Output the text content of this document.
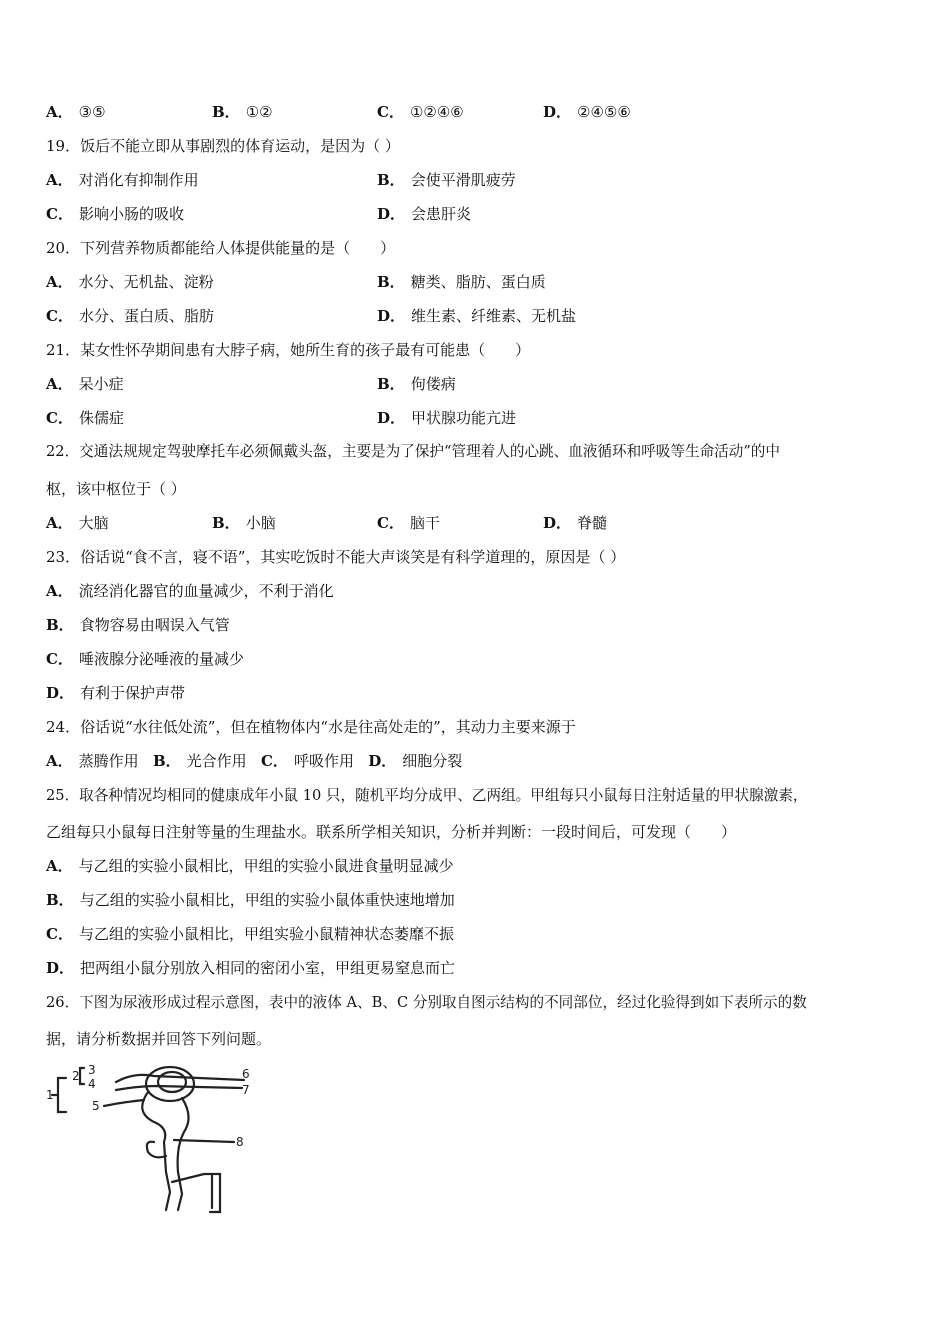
A． ③⑤	B． ①②	C． ①②④⑥	D． ②④⑤⑥
19．饭后不能立即从事剧烈的体育运动，是因为（ ）
A． 对消化有抑制作用	B． 会使平滑肌疲劳
C． 影响小肠的吸收	D． 会患肝炎
20．下列营养物质都能给人体提供能量的是（　　）
A． 水分、无机盐、淀粉	B． 糖类、脂肪、蛋白质
C． 水分、蛋白质、脂肪	D． 维生素、纤维素、无机盐
21．某女性怀孕期间患有大脖子病，她所生育的孩子最有可能患（　　）
A． 呆小症	B． 佝偻病
C． 侏儒症	D． 甲状腺功能亢进
22．交通法规规定驾驶摩托车必须佩戴头盔，主要是为了保护“管理着人的心跳、血液循环和呼吸等生命活动”的中
枢，该中枢位于（ ）
A． 大脑	B． 小脑	C． 脑干	D． 脊髓
23．俗话说“食不言，寝不语”，其实吃饭时不能大声谈笑是有科学道理的，原因是（ ）
A． 流经消化器官的血量减少，不利于消化
B． 食物容易由咽误入气管
C． 唾液腺分泌唾液的量减少
D． 有利于保护声带
24．俗话说“水往低处流”，但在植物体内“水是往高处走的”，其动力主要来源于
A． 蒸腾作用 B． 光合作用 C． 呼吸作用 D． 细胞分裂
25．取各种情况均相同的健康成年小鼠 10 只，随机平均分成甲、乙两组。甲组每只小鼠每日注射适量的甲状腺激素，
乙组每只小鼠每日注射等量的生理盐水。联系所学相关知识，分析并判断：一段时间后，可发现（　　）
A． 与乙组的实验小鼠相比，甲组的实验小鼠进食量明显减少
B． 与乙组的实验小鼠相比，甲组的实验小鼠体重快速地增加
C． 与乙组的实验小鼠相比，甲组实验小鼠精神状态萎靡不振
D． 把两组小鼠分别放入相同的密闭小室，甲组更易窒息而亡
26．下图为尿液形成过程示意图，表中的液体 A、B、C 分别取自图示结构的不同部位，经过化验得到如下表所示的数
据，请分析数据并回答下列问题。
1
2 3
4
5
6
7
8
